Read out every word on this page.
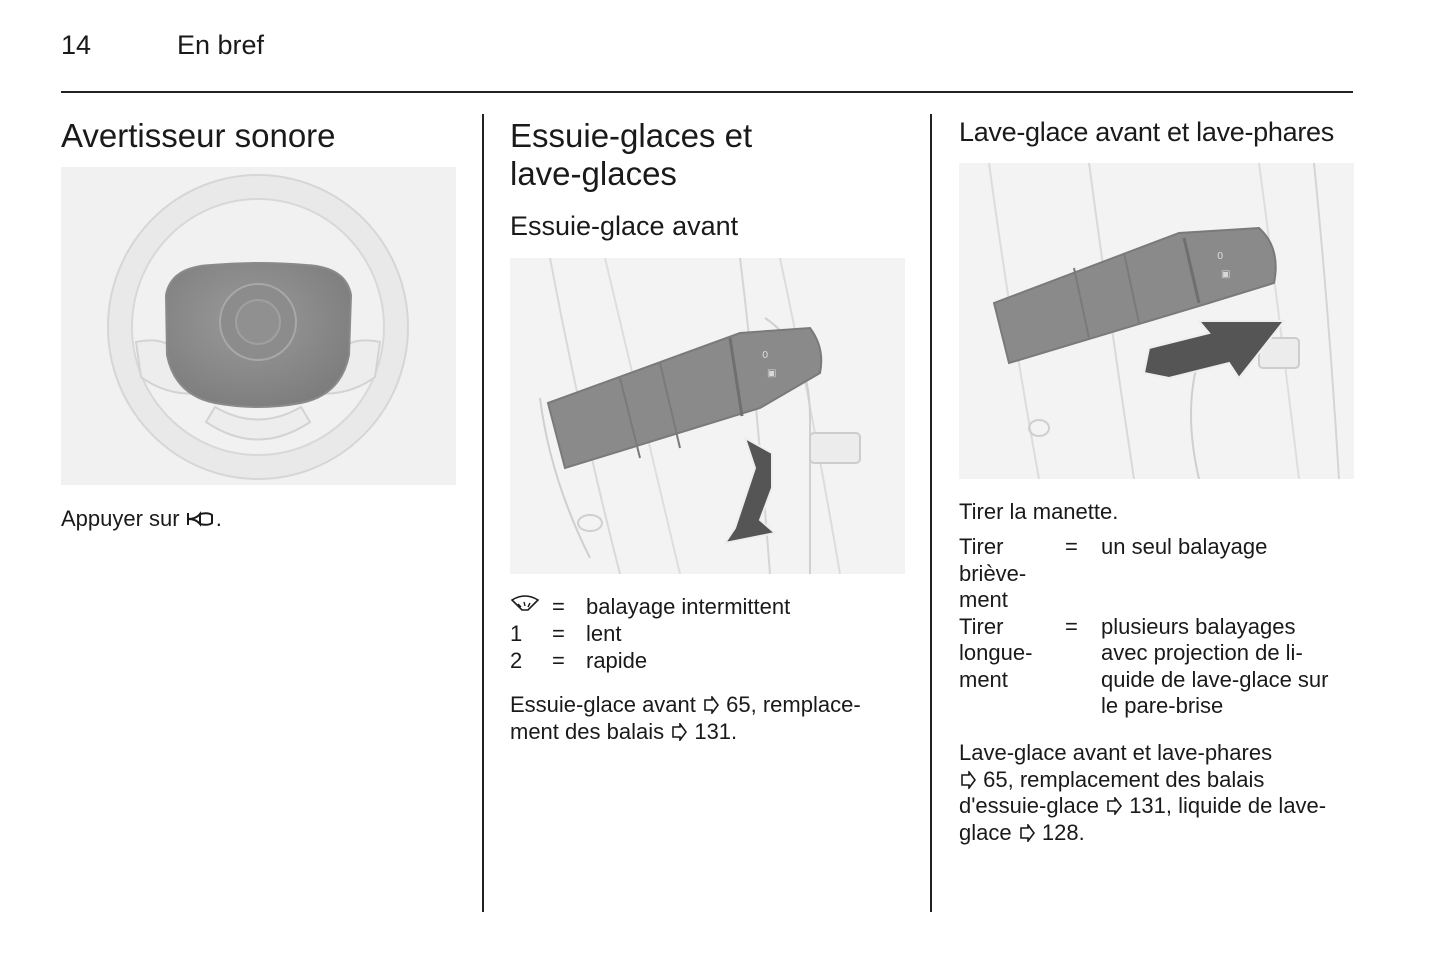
14	En bref
Avertisseur sonore
Appuyer sur .
Essuie-glaces et
lave-glaces
Essuie-glace avant
0
▣
= balayage intermittent
1	= lent
2	= rapide
Essuie-glace avant  65, remplace-
ment des balais  131.
Lave-glace avant et lave-phares
0
▣
Tirer la manette.
Tirer
brièvе-
ment
=	un seul balayage
Tirer
longue-
ment
=	plusieurs balayages
avec projection de li-
quide de lave-glace sur
le pare-brise
Lave-glace avant et lave-phares
65, remplacement des balais
d'essuie-glace  131, liquide de lave-
glace  128.
